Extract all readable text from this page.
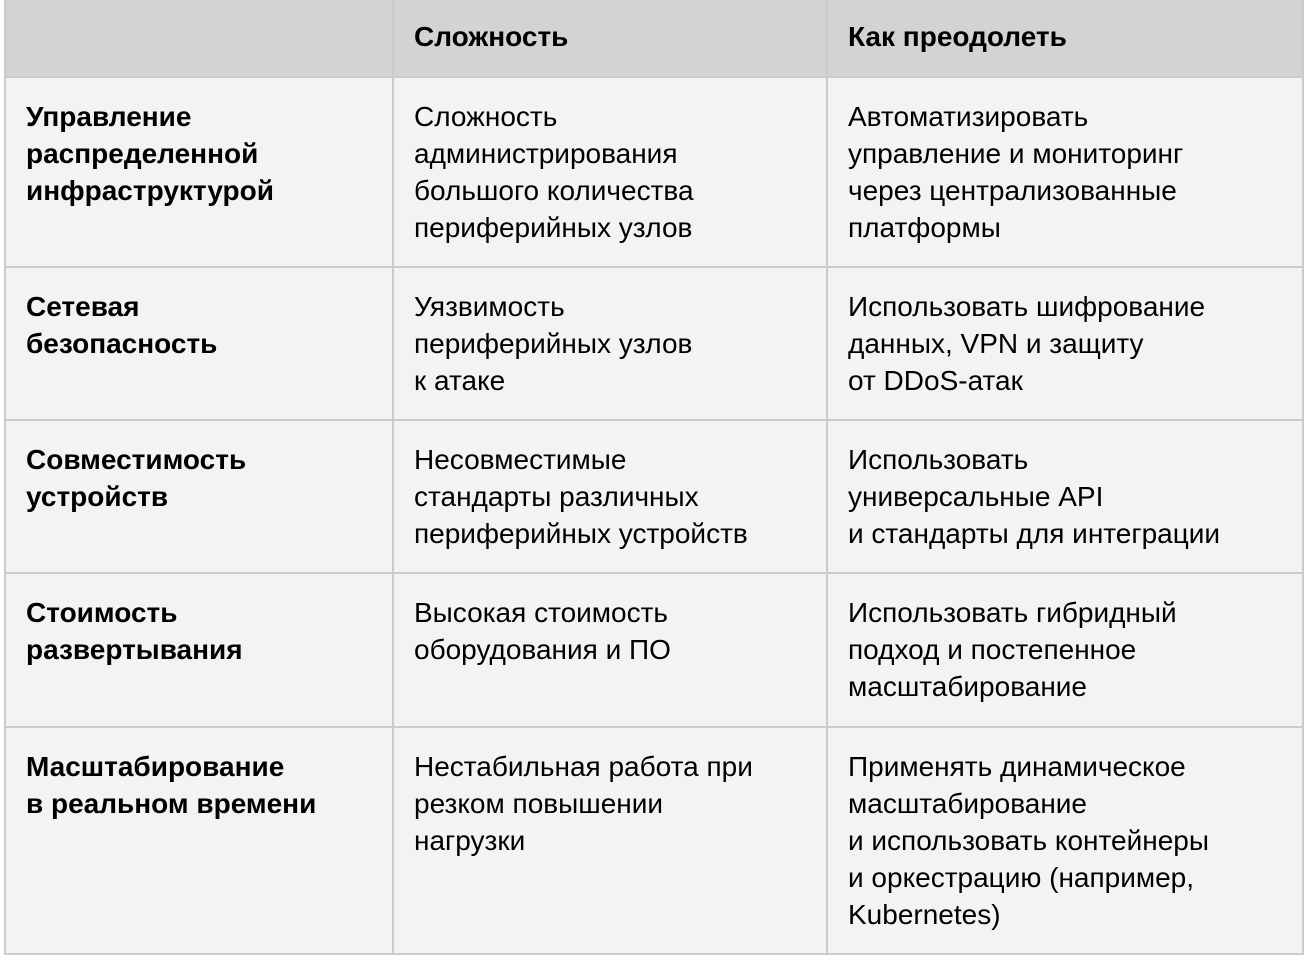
	Сложность	Как преодолеть

Управление
распределенной
инфраструктурой	Сложность
администрирования
большого количества
периферийных узлов	Автоматизировать
управление и мониторинг
через централизованные
платформы

Сетевая
безопасность	Уязвимость
периферийных узлов
к атаке	Использовать шифрование
данных, VPN и защиту
от DDoS-атак

Совместимость
устройств	Несовместимые
стандарты различных
периферийных устройств	Использовать
универсальные API
и стандарты для интеграции

Стоимость
развертывания	Высокая стоимость
оборудования и ПО	Использовать гибридный
подход и постепенное
масштабирование

Масштабирование
в реальном времени	Нестабильная работа при
резком повышении
нагрузки	Применять динамическое
масштабирование
и использовать контейнеры
и оркестрацию (например,
Kubernetes)
